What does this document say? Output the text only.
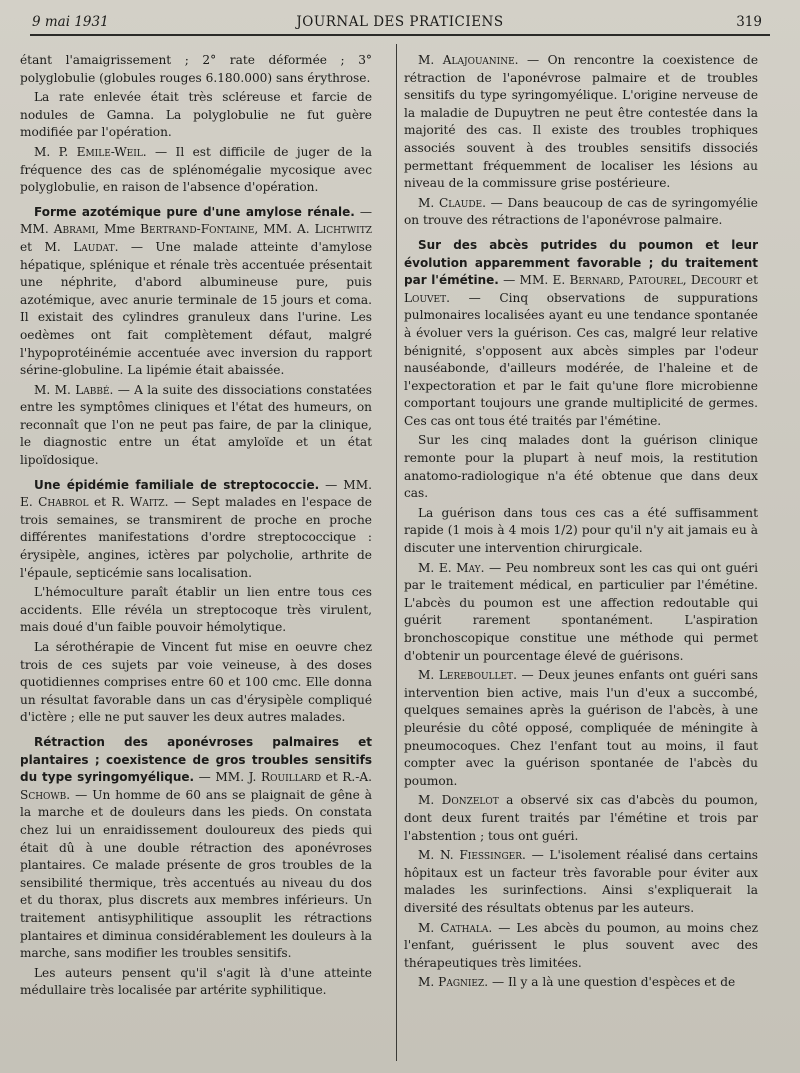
9 mai 1931	JOURNAL DES PRATICIENS	319

étant l'amaigrissement ; 2° rate déformée ; 3° polyglobulie (globules rouges 6.180.000) sans érythrose.

La rate enlevée était très scléreuse et farcie de nodules de Gamna. La polyglobulie ne fut guère modifiée par l'opération.

M. P. Emile-Weil. — Il est difficile de juger de la fréquence des cas de splénomégalie mycosique avec polyglobulie, en raison de l'absence d'opération.

Forme azotémique pure d'une amylose rénale. — MM. Abrami, Mme Bertrand-Fontaine, MM. A. Lichtwitz et M. Laudat. — Une malade atteinte d'amylose hépatique, splénique et rénale très accentuée présentait une néphrite, d'abord albumineuse pure, puis azotémique, avec anurie terminale de 15 jours et coma. Il existait des cylindres granuleux dans l'urine. Les oedèmes ont fait complètement défaut, malgré l'hypoprotéinémie accentuée avec inversion du rapport sérine-globuline. La lipémie était abaissée.

M. M. Labbé. — A la suite des dissociations constatées entre les symptômes cliniques et l'état des humeurs, on reconnaît que l'on ne peut pas faire, de par la clinique, le diagnostic entre un état amyloïde et un état lipoïdosique.

Une épidémie familiale de streptococcie. — MM. E. Chabrol et R. Waitz. — Sept malades en l'espace de trois semaines, se transmirent de proche en proche différentes manifestations d'ordre streptococcique : érysipèle, angines, ictères par polycholie, arthrite de l'épaule, septicémie sans localisation.

L'hémoculture paraît établir un lien entre tous ces accidents. Elle révéla un streptocoque très virulent, mais doué d'un faible pouvoir hémolytique.

La sérothérapie de Vincent fut mise en oeuvre chez trois de ces sujets par voie veineuse, à des doses quotidiennes comprises entre 60 et 100 cmc. Elle donna un résultat favorable dans un cas d'érysipèle compliqué d'ictère ; elle ne put sauver les deux autres malades.

Rétraction des aponévroses palmaires et plantaires ; coexistence de gros troubles sensitifs du type syringomyélique. — MM. J. Rouillard et R.-A. Schowb. — Un homme de 60 ans se plaignait de gêne à la marche et de douleurs dans les pieds. On constata chez lui un enraidissement douloureux des pieds qui était dû à une double rétraction des aponévroses plantaires. Ce malade présente de gros troubles de la sensibilité thermique, très accentués au niveau du dos et du thorax, plus discrets aux membres inférieurs. Un traitement antisyphilitique assouplit les rétractions plantaires et diminua considérablement les douleurs à la marche, sans modifier les troubles sensitifs.

Les auteurs pensent qu'il s'agit là d'une atteinte médullaire très localisée par artérite syphilitique.

M. Alajouanine. — On rencontre la coexistence de rétraction de l'aponévrose palmaire et de troubles sensitifs du type syringomyélique. L'origine nerveuse de la maladie de Dupuytren ne peut être contestée dans la majorité des cas. Il existe des troubles trophiques associés souvent à des troubles sensitifs dissociés permettant fréquemment de localiser les lésions au niveau de la commissure grise postérieure.

M. Claude. — Dans beaucoup de cas de syringomyélie on trouve des rétractions de l'aponévrose palmaire.

Sur des abcès putrides du poumon et leur évolution apparemment favorable ; du traitement par l'émétine. — MM. E. Bernard, Patourel, Decourt et Louvet. — Cinq observations de suppurations pulmonaires localisées ayant eu une tendance spontanée à évoluer vers la guérison. Ces cas, malgré leur relative bénignité, s'opposent aux abcès simples par l'odeur nauséabonde, d'ailleurs modérée, de l'haleine et de l'expectoration et par le fait qu'une flore microbienne comportant toujours une grande multiplicité de germes. Ces cas ont tous été traités par l'émétine.

Sur les cinq malades dont la guérison clinique remonte pour la plupart à neuf mois, la restitution anatomo-radiologique n'a été obtenue que dans deux cas.

La guérison dans tous ces cas a été suffisamment rapide (1 mois à 4 mois 1/2) pour qu'il n'y ait jamais eu à discuter une intervention chirurgicale.

M. E. May. — Peu nombreux sont les cas qui ont guéri par le traitement médical, en particulier par l'émétine. L'abcès du poumon est une affection redoutable qui guérit rarement spontanément. L'aspiration bronchoscopique constitue une méthode qui permet d'obtenir un pourcentage élevé de guérisons.

M. Lereboullet. — Deux jeunes enfants ont guéri sans intervention bien active, mais l'un d'eux a succombé, quelques semaines après la guérison de l'abcès, à une pleurésie du côté opposé, compliquée de méningite à pneumocoques. Chez l'enfant tout au moins, il faut compter avec la guérison spontanée de l'abcès du poumon.

M. Donzelot a observé six cas d'abcès du poumon, dont deux furent traités par l'émétine et trois par l'abstention ; tous ont guéri.

M. N. Fiessinger. — L'isolement réalisé dans certains hôpitaux est un facteur très favorable pour éviter aux malades les surinfections. Ainsi s'expliquerait la diversité des résultats obtenus par les auteurs.

M. Cathala. — Les abcès du poumon, au moins chez l'enfant, guérissent le plus souvent avec des thérapeutiques très limitées.

M. Pagniez. — Il y a là une question d'espèces et de
